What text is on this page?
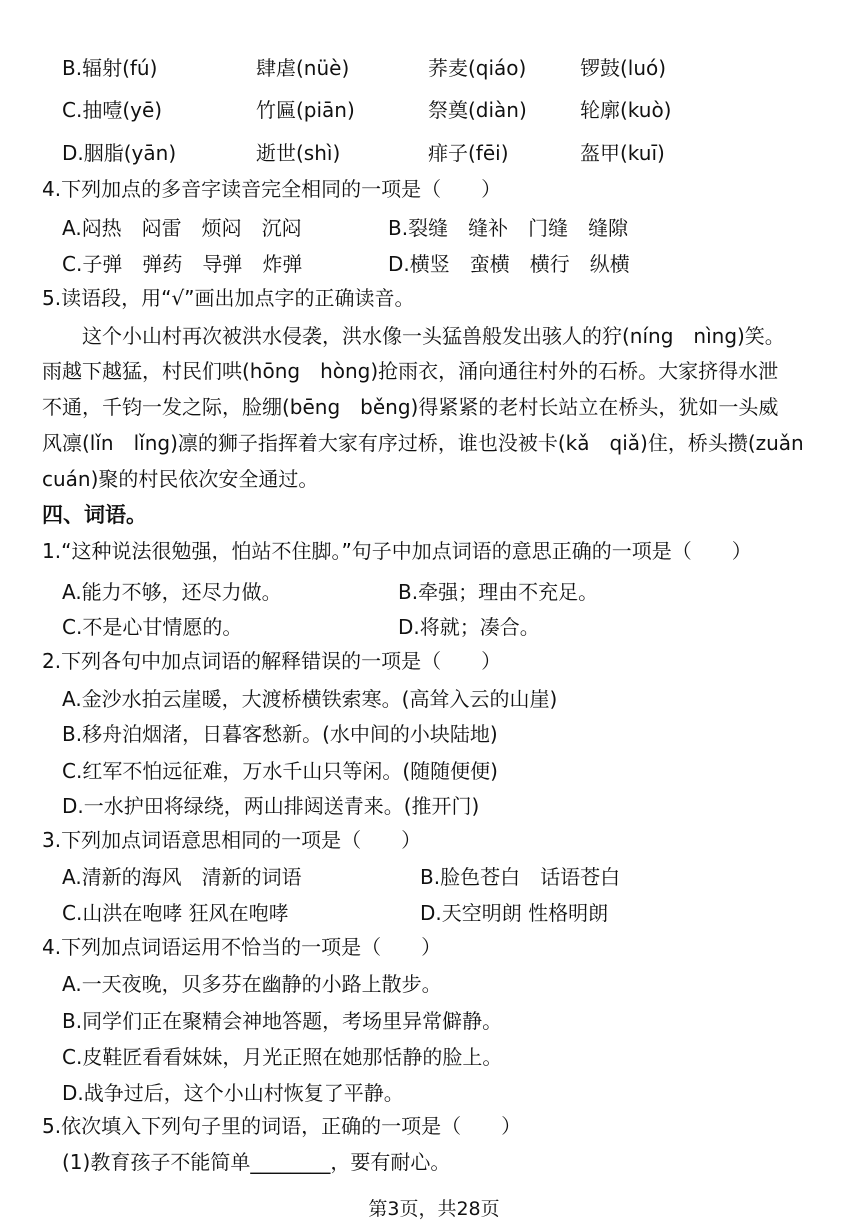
B.辐射(fú)	肆虐(nüè)	荞麦(qiáo)	锣鼓(luó)
C.抽噎(yē)	竹匾(piān)	祭奠(diàn)	轮廓(kuò)
D.胭脂(yān)	逝世(shì)	痱子(fēi)	盔甲(kuī)
4.下列加点的多音字读音完全相同的一项是（　　）
A.闷热　闷雷　烦闷　沉闷	B.裂缝　缝补　门缝　缝隙
C.子弹　弹药　导弹　炸弹	D.横竖　蛮横　横行　纵横
5.读语段，用“√”画出加点字的正确读音。
　　这个小山村再次被洪水侵袭，洪水像一头猛兽般发出骇人的狞(níng　nìng)笑。
雨越下越猛，村民们哄(hōng　hòng)抢雨衣，涌向通往村外的石桥。大家挤得水泄
不通，千钧一发之际，脸绷(bēng　běng)得紧紧的老村长站立在桥头，犹如一头威
风凛(lǐn　lǐng)凛的狮子指挥着大家有序过桥，谁也没被卡(kǎ　qiǎ)住，桥头攒(zuǎn
cuán)聚的村民依次安全通过。
四、词语。
1.“这种说法很勉强，怕站不住脚。”句子中加点词语的意思正确的一项是（　　）
A.能力不够，还尽力做。	B.牵强；理由不充足。
C.不是心甘情愿的。	D.将就；凑合。
2.下列各句中加点词语的解释错误的一项是（　　）
A.金沙水拍云崖暖，大渡桥横铁索寒。(高耸入云的山崖)
B.移舟泊烟渚，日暮客愁新。(水中间的小块陆地)
C.红军不怕远征难，万水千山只等闲。(随随便便)
D.一水护田将绿绕，两山排闼送青来。(推开门)
3.下列加点词语意思相同的一项是（　　）
A.清新的海风　清新的词语	B.脸色苍白　话语苍白
C.山洪在咆哮 狂风在咆哮	D.天空明朗 性格明朗
4.下列加点词语运用不恰当的一项是（　　）
A.一天夜晚，贝多芬在幽静的小路上散步。
B.同学们正在聚精会神地答题，考场里异常僻静。
C.皮鞋匠看看妹妹，月光正照在她那恬静的脸上。
D.战争过后，这个小山村恢复了平静。
5.依次填入下列句子里的词语，正确的一项是（　　）
(1)教育孩子不能简单________，要有耐心。
第3页，共28页
